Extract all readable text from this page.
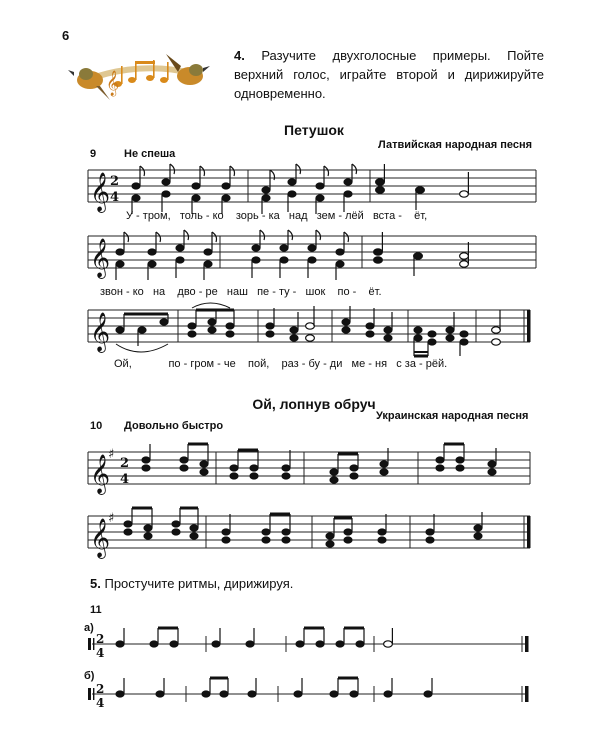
6
𝄞
4. Разучите двухголосные примеры. Пойте верхний голос, играйте второй и дирижируйте одновременно.
Петушок
Латвийская народная песня
9	Не спеша
𝄞 2
4
У - тром, толь - ко зорь - ка над зем - лёй вста -    ёт,
𝄞
звон - ко на дво - ре наш пе - ту -   шок по -    ёт.
𝄞
Ой,	по - гром - че пой, раз - бу - ди ме - ня с за - рёй.
Ой, лопнув обруч
Украинская народная песня
10 Довольно быстро
𝄞
♯
2
4
𝄞
♯
5. Простучите ритмы, дирижируя.
11
а)
2
4
б)
2
4
